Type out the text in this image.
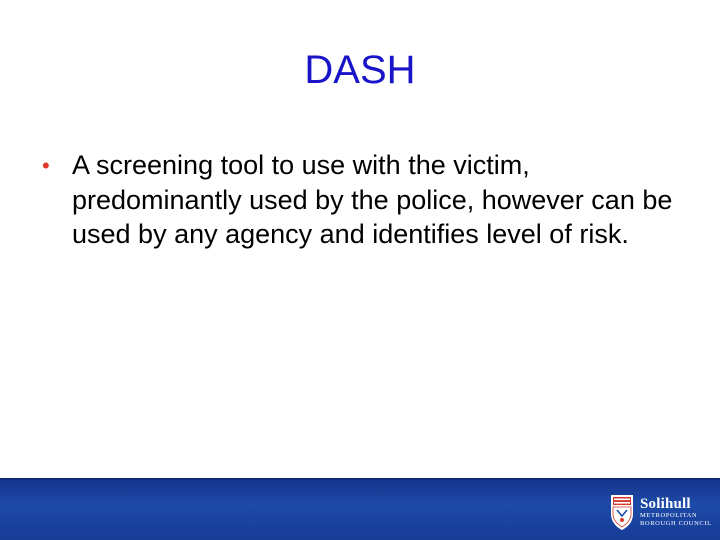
DASH
• A screening tool to use with the victim, predominantly used by the police, however can be used by any agency and identifies level of risk.
Solihull
METROPOLITAN
BOROUGH COUNCIL
